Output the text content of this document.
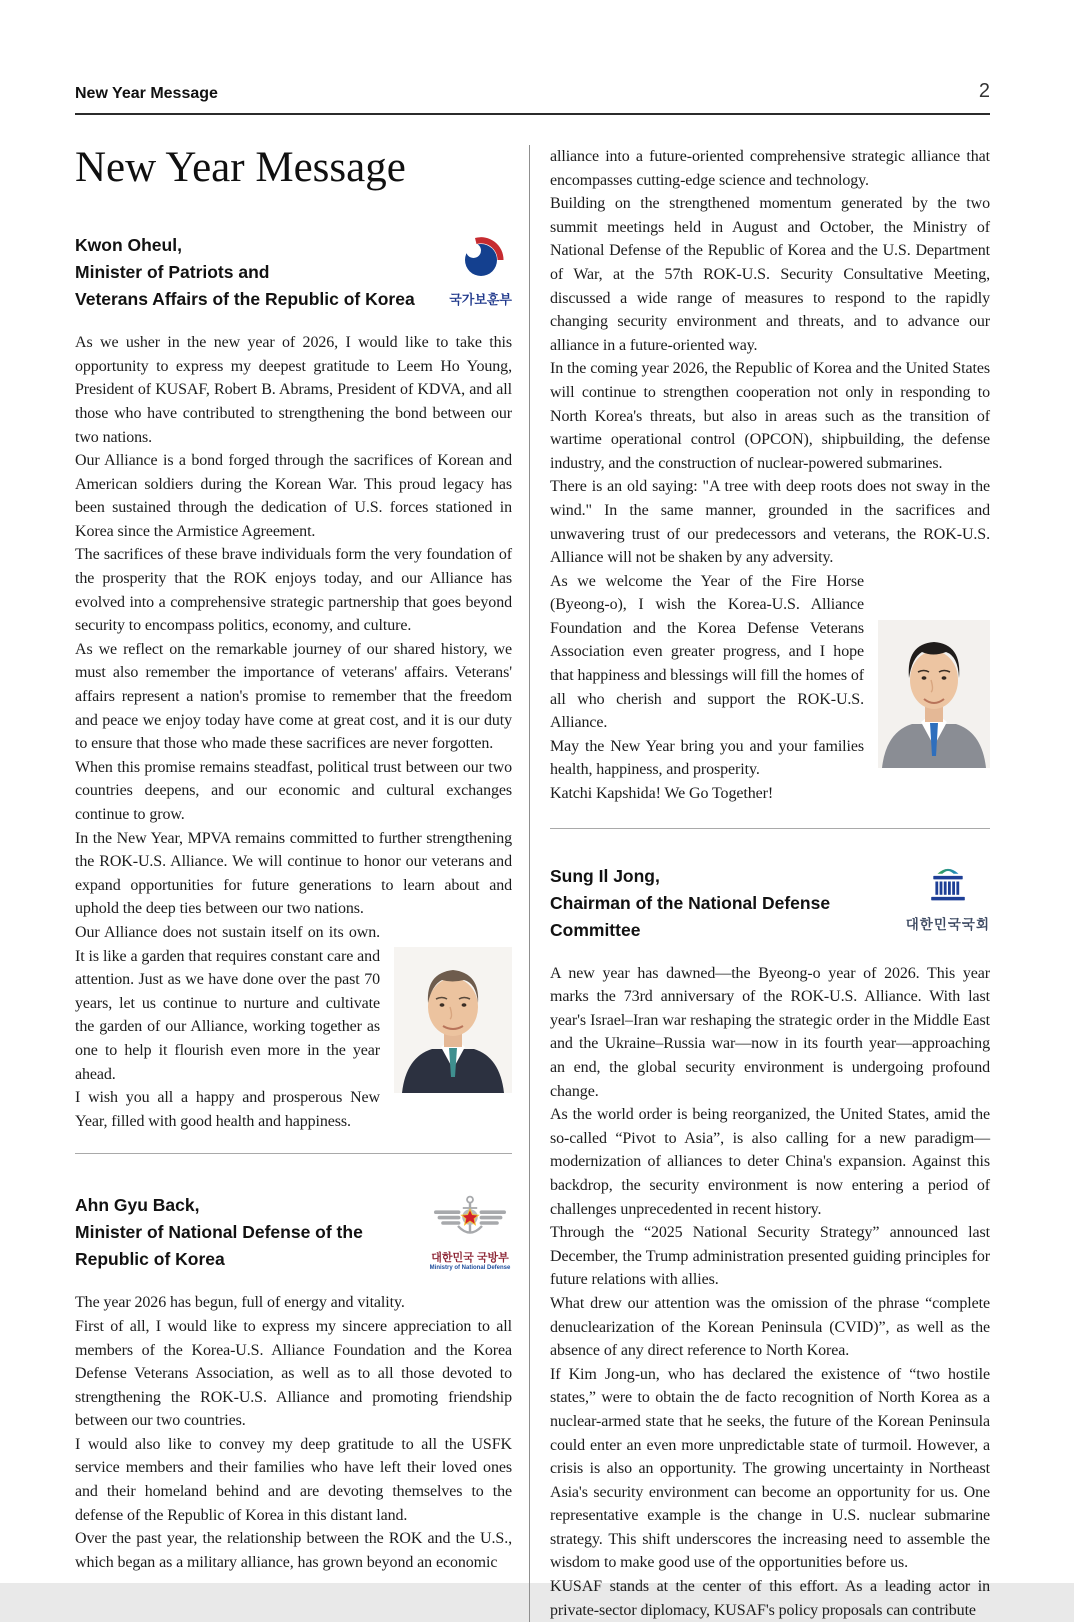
New Year Message	2
New Year Message
Kwon Oheul,
Minister of Patriots and
Veterans Affairs of the Republic of Korea	국가보훈부

As we usher in the new year of 2026, I would like to take this opportunity to express my deepest gratitude to Leem Ho Young, President of KUSAF, Robert B. Abrams, President of KDVA, and all those who have contributed to strengthening the bond between our two nations.

Our Alliance is a bond forged through the sacrifices of Korean and American soldiers during the Korean War. This proud legacy has been sustained through the dedication of U.S. forces stationed in Korea since the Armistice Agreement.

The sacrifices of these brave individuals form the very foundation of the prosperity that the ROK enjoys today, and our Alliance has evolved into a comprehensive strategic partnership that goes beyond security to encompass politics, economy, and culture.

As we reflect on the remarkable journey of our shared history, we must also remember the importance of veterans' affairs. Veterans' affairs represent a nation's promise to remember that the freedom and peace we enjoy today have come at great cost, and it is our duty to ensure that those who made these sacrifices are never forgotten.

When this promise remains steadfast, political trust between our two countries deepens, and our economic and cultural exchanges continue to grow.

In the New Year, MPVA remains committed to further strengthening the ROK-U.S. Alliance. We will continue to honor our veterans and expand opportunities for future generations to learn about and uphold the deep ties between our two nations.

Our Alliance does not sustain itself on its own. It is like a garden that requires constant care and attention. Just as we have done over the past 70 years, let us continue to nurture and cultivate the garden of our Alliance, working together as one to help it flourish even more in the year ahead.

I wish you all a happy and prosperous New Year, filled with good health and happiness.

Ahn Gyu Back,
Minister of National Defense of the
Republic of Korea	대한민국 국방부
Ministry of National Defense

The year 2026 has begun, full of energy and vitality.

First of all, I would like to express my sincere appreciation to all members of the Korea-U.S. Alliance Foundation and the Korea Defense Veterans Association, as well as to all those devoted to strengthening the ROK-U.S. Alliance and promoting friendship between our two countries.

I would also like to convey my deep gratitude to all the USFK service members and their families who have left their loved ones and their homeland behind and are devoting themselves to the defense of the Republic of Korea in this distant land.

Over the past year, the relationship between the ROK and the U.S., which began as a military alliance, has grown beyond an economic

alliance into a future-oriented comprehensive strategic alliance that encompasses cutting-edge science and technology.

Building on the strengthened momentum generated by the two summit meetings held in August and October, the Ministry of National Defense of the Republic of Korea and the U.S. Department of War, at the 57th ROK-U.S. Security Consultative Meeting, discussed a wide range of measures to respond to the rapidly changing security environment and threats, and to advance our alliance in a future-oriented way.

In the coming year 2026, the Republic of Korea and the United States will continue to strengthen cooperation not only in responding to North Korea's threats, but also in areas such as the transition of wartime operational control (OPCON), shipbuilding, the defense industry, and the construction of nuclear-powered submarines.

There is an old saying: "A tree with deep roots does not sway in the wind." In the same manner, grounded in the sacrifices and unwavering trust of our predecessors and veterans, the ROK-U.S. Alliance will not be shaken by any adversity.

As we welcome the Year of the Fire Horse (Byeong-o), I wish the Korea-U.S. Alliance Foundation and the Korea Defense Veterans Association even greater progress, and I hope that happiness and blessings will fill the homes of all who cherish and support the ROK-U.S. Alliance.

May the New Year bring you and your families health, happiness, and prosperity.

Katchi Kapshida! We Go Together!

Sung Il Jong,
Chairman of the National Defense Committee	대한민국국회

A new year has dawned—the Byeong-o year of 2026. This year marks the 73rd anniversary of the ROK-U.S. Alliance. With last year's Israel–Iran war reshaping the strategic order in the Middle East and the Ukraine–Russia war—now in its fourth year—approaching an end, the global security environment is undergoing profound change.

As the world order is being reorganized, the United States, amid the so-called “Pivot to Asia”, is also calling for a new paradigm—modernization of alliances to deter China's expansion. Against this backdrop, the security environment is now entering a period of challenges unprecedented in recent history.

Through the “2025 National Security Strategy” announced last December, the Trump administration presented guiding principles for future relations with allies.

What drew our attention was the omission of the phrase “complete denuclearization of the Korean Peninsula (CVID)”, as well as the absence of any direct reference to North Korea.

If Kim Jong-un, who has declared the existence of “two hostile states,” were to obtain the de facto recognition of North Korea as a nuclear-armed state that he seeks, the future of the Korean Peninsula could enter an even more unpredictable state of turmoil. However, a crisis is also an opportunity. The growing uncertainty in Northeast Asia's security environment can become an opportunity for us. One representative example is the change in U.S. nuclear submarine strategy. This shift underscores the increasing need to assemble the wisdom to make good use of the opportunities before us.

KUSAF stands at the center of this effort. As a leading actor in private-sector diplomacy, KUSAF's policy proposals can contribute
